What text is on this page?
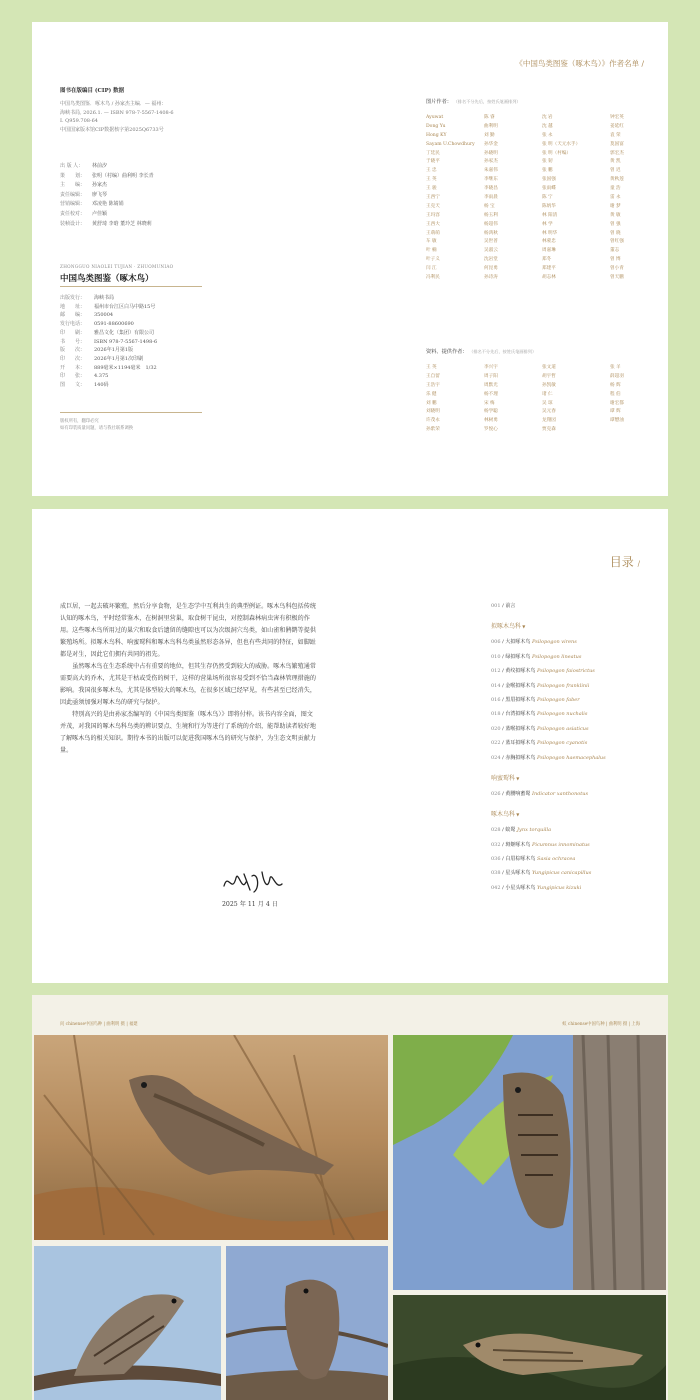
《中国鸟类图鉴（啄木鸟）》作者名单 /
图书在版编目 (CIP) 数据
中国鸟类图鉴．啄木鸟 / 孙家杰主编．— 福州：
海峡书局, 2026.1. — ISBN 978-7-5567-1408-6
Ⅰ. Q959.708-64
中国国家版本馆CIP数据核字第2025Q6733号
出 版 人：	林前汐
策　　划：	张明（村编）曲利明 李长青
主　　编：	孙家杰
责任编辑：	廖飞琴
营销编辑：	邓凌艳 陈婧娟
责任校对：	卢佳颖
装帧设计：	黄舒琦 李晗 董玲芝 林晓莉
ZHONGGUO NIAOLEI TUJIAN · ZHUOMUNIAO
中国鸟类图鉴（啄木鸟）
出版发行：	海峡书局
地　　址：	福州市台江区白马中路15号
邮　　编：	350004
发行电话：	0591-88600690
印　　刷：	雅昌文化（集团）有限公司
书　　号：	ISBN 978-7-5567-1498-6
版　　次：	2026年1月第1版
印　　次：	2026年1月第1次印刷
开　　本：	889毫米×1194毫米　1/32
印　　张：	4.375
图　　文：	140码
版权所有，翻印必究
如有印装质量问题，请与我社联系调换
图片作者： （排名不分先后，按姓氏笔画排列）
Ayuwat	陈 睿	沈 岩	钟宏英
Dong Yu	曲利明	沈 越	姜延红
Hong KY	刘 勤	张 永	袁 荣
Sayam U.Chowdhury	孙华金	张 明（天元水手）	莫国富
丁廷民	孙晓明	张 明（村编）	郭宏杰
于晓平	孙家杰	张 韧	黄 凯
王 忠	朱嘉伟	张 鹏	曾 迟
王 英	李继东	张国强	黄秋莲
王 骏	李晓昌	张雨蝶	童 浩
王西宁	李雨晨	陈 宁	雷 永
王克天	杨 宝	陈炳华	谢 梦
王玛容	杨玉利	林 阳清	黄 敏
王西大	杨超伟	林 学	曾 强
王萌萌	杨鸿秋	林 明华	曾 晓
车 敏	吴世普	林蒙忠	曾红强
叶 楠	吴淑云	周嘉琳	董志
叶子义	沈岩堂	郑冬	曾 博
闫 江	何昆勇	郑建平	曾小青
冯利民	孙诗涛	胡志林	曾天鹏
资料、提供作者： （排名不分先后，按姓氏笔画排列）
王 英	李兴宇	张文道	张 羊
王自留	周子阳	胡宇哲	薛超羽
王浩宇	周默光	孙凯敏	杨 辉
乐 健	杨不理	诸 仁	程 伯
刘 鹏	宋 梅	吴 琼	谢宏都
刘晓明	杨学聪	吴元春	谭 辉
许茂永	林树勇	龙翔园	谭懋油
孙紫荣	罗悦心	贾克森

成巨居，一起去破坏繁殖，然后分享食物，是生态学中互利共生的典型例证。啄木鸟科包括传统认知的啄木鸟，平时经常鉴木，在树洞里营巢，取食树干昆虫，对控制森林病虫害有积极的作用。这些啄木鸟所用过的巢穴和取食后遗留的缝隙也可以为次级洞穴鸟类，如山雀和鸺鹠等提供繁殖场所。拟啄木鸟科、响蜜䴕科和啄木鸟科鸟类虽然形态各异，但也有些共同的特征，如脚趾都是对生，因此它们拥有共同的祖先。

虽然啄木鸟在生态系统中占有重要的地位，但其生存仍然受到较大的威胁。啄木鸟繁殖通常需要高大的乔木，尤其是干枯或受伤的树干，这样的营巢场所很容易受到不恰当森林管理措施的影响。我国很多啄木鸟，尤其是体型较大的啄木鸟，在很多区域已经罕见，有些甚至已经消失，因此亟须加强对啄木鸟的研究与保护。

特别高兴的是由孙家杰编写的《中国鸟类图鉴（啄木鸟）》即将付梓。该书内容全面，图文并茂，对我国的啄木鸟科鸟类的辨识要点、生境和行为等进行了系统的介绍，能帮助读者较好地了解啄木鸟的相关知识。期待本书的出版可以促进我国啄木鸟的研究与保护，为生态文明贡献力量。

2025 年 11 月 4 日
目录 /
001 / 前言
拟啄木鸟科 ▼
006 / 大拟啄木鸟 Psilopogon virens
010 / 绿拟啄木鸟 Psilopogon lineatus
012 / 黄纹拟啄木鸟 Psilopogon faiostrictus
014 / 金喉拟啄木鸟 Psilopogon franklinii
016 / 黑眉拟啄木鸟 Psilopogon faber
018 / 台湾拟啄木鸟 Psilopogon nuchalis
020 / 蓝喉拟啄木鸟 Psilopogon asiaticus
022 / 蓝耳拟啄木鸟 Psilopogon cyanotis
024 / 赤胸拟啄木鸟 Psilopogon haemacephalus
响蜜䴕科 ▼
026 / 黄腰响蜜䴕 Indicator xanthonotus
啄木鸟科 ▼
028 / 蚁䴕 Jynx torquilla
032 / 斑姬啄木鸟 Picumnus innominatus
036 / 白眉棕啄木鸟 Sasia ochracea
038 / 星头啄木鸟 Yungipicus canicapillus
042 / 小星头啄木鸟 Yungipicus kizuki
问 chinense中国鸟种 | 曲利明 摄 | 福建	蚁 chinense中国鸟种 | 曲利明 摄 | 上海
